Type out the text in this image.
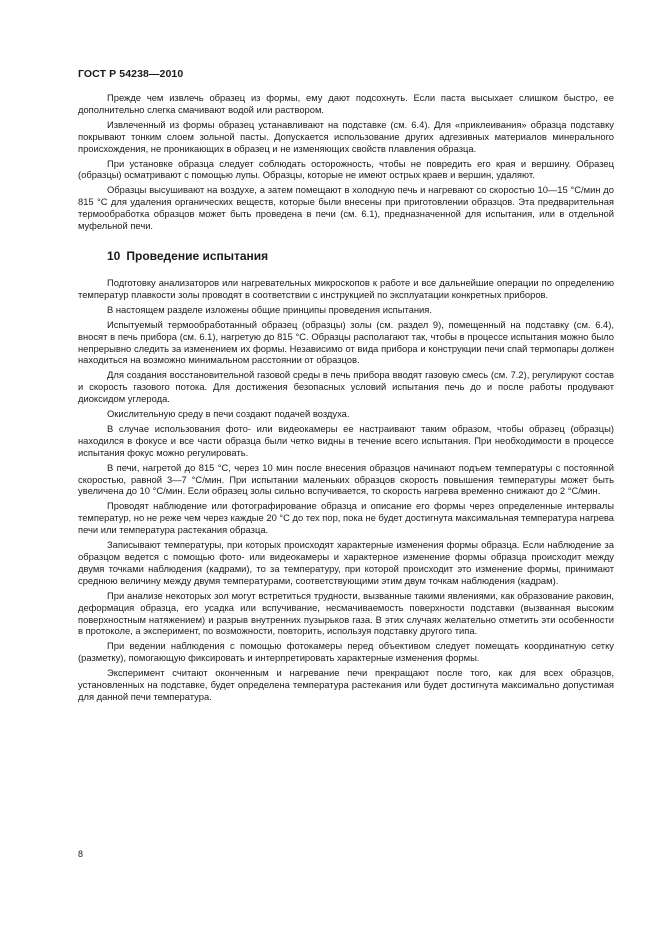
ГОСТ Р 54238—2010

Прежде чем извлечь образец из формы, ему дают подсохнуть. Если паста высыхает слишком быстро, ее дополнительно слегка смачивают водой или раствором.

Извлеченный из формы образец устанавливают на подставке (см. 6.4). Для «приклеивания» образца подставку покрывают тонким слоем зольной пасты. Допускается использование других адгезивных материалов минерального происхождения, не проникающих в образец и не изменяющих свойств плавления образца.

При установке образца следует соблюдать осторожность, чтобы не повредить его края и вершину. Образец (образцы) осматривают с помощью лупы. Образцы, которые не имеют острых краев и вершин, удаляют.

Образцы высушивают на воздухе, а затем помещают в холодную печь и нагревают со скоростью 10—15 °С/мин до 815 °С для удаления органических веществ, которые были внесены при приготовлении образцов. Эта предварительная термообработка образцов может быть проведена в печи (см. 6.1), предназначенной для испытания, или в отдельной муфельной печи.

10 Проведение испытания

Подготовку анализаторов или нагревательных микроскопов к работе и все дальнейшие операции по определению температур плавкости золы проводят в соответствии с инструкцией по эксплуатации конкретных приборов.

В настоящем разделе изложены общие принципы проведения испытания.

Испытуемый термообработанный образец (образцы) золы (см. раздел 9), помещенный на подставку (см. 6.4), вносят в печь прибора (см. 6.1), нагретую до 815 °С. Образцы располагают так, чтобы в процессе испытания можно было непрерывно следить за изменением их формы. Независимо от вида прибора и конструкции печи спай термопары должен находиться на возможно минимальном расстоянии от образцов.

Для создания восстановительной газовой среды в печь прибора вводят газовую смесь (см. 7.2), регулируют состав и скорость газового потока. Для достижения безопасных условий испытания печь до и после работы продувают диоксидом углерода.

Окислительную среду в печи создают подачей воздуха.

В случае использования фото- или видеокамеры ее настраивают таким образом, чтобы образец (образцы) находился в фокусе и все части образца были четко видны в течение всего испытания. При необходимости в процессе испытания фокус можно регулировать.

В печи, нагретой до 815 °С, через 10 мин после внесения образцов начинают подъем температуры с постоянной скоростью, равной 3—7 °С/мин. При испытании маленьких образцов скорость повышения температуры может быть увеличена до 10 °С/мин. Если образец золы сильно вспучивается, то скорость нагрева временно снижают до 2 °С/мин.

Проводят наблюдение или фотографирование образца и описание его формы через определенные интервалы температур, но не реже чем через каждые 20 °С до тех пор, пока не будет достигнута максимальная температура нагрева печи или температура растекания образца.

Записывают температуры, при которых происходят характерные изменения формы образца. Если наблюдение за образцом ведется с помощью фото- или видеокамеры и характерное изменение формы образца происходит между двумя точками наблюдения (кадрами), то за температуру, при которой происходит это изменение формы, принимают среднюю величину между двумя температурами, соответствующими этим двум точкам наблюдения (кадрам).

При анализе некоторых зол могут встретиться трудности, вызванные такими явлениями, как образование раковин, деформация образца, его усадка или вспучивание, несмачиваемость поверхности подставки (вызванная высоким поверхностным натяжением) и разрыв внутренних пузырьков газа. В этих случаях желательно отметить эти особенности в протоколе, а эксперимент, по возможности, повторить, используя подставку другого типа.

При ведении наблюдения с помощью фотокамеры перед объективом следует помещать координатную сетку (разметку), помогающую фиксировать и интерпретировать характерные изменения формы.

Эксперимент считают оконченным и нагревание печи прекращают после того, как для всех образцов, установленных на подставке, будет определена температура растекания или будет достигнута максимально допустимая для данной печи температура.

8
